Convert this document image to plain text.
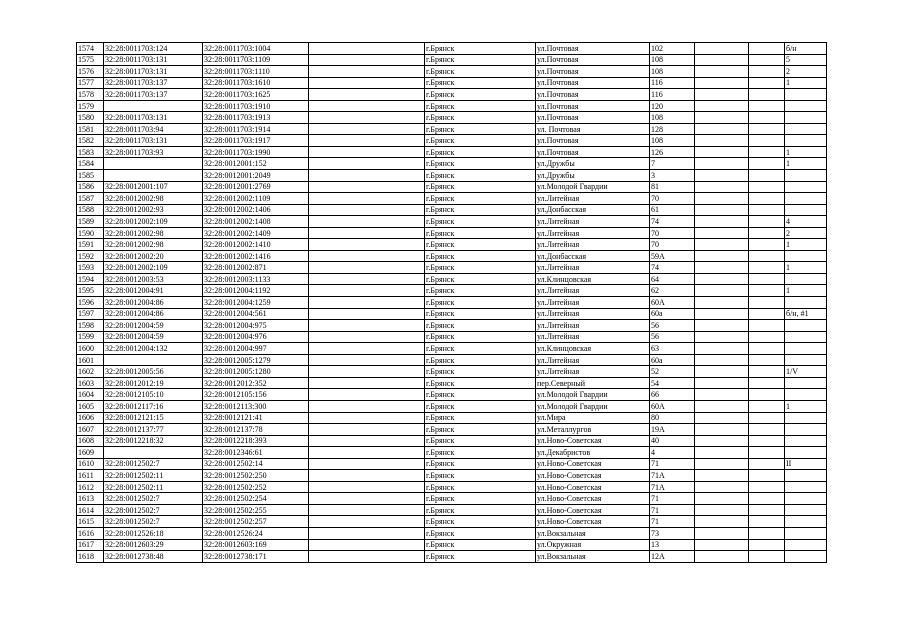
1574	32:28:0011703:124	32:28:0011703:1004		г.Брянск	ул.Почтовая	102			б/н
1575	32:28:0011703:131	32:28:0011703:1109		г.Брянск	ул.Почтовая	108			5
1576	32:28:0011703:131	32:28:0011703:1110		г.Брянск	ул.Почтовая	108			2
1577	32:28:0011703:137	32:28:0011703:1610		г.Брянск	ул.Почтовая	116			1
1578	32:28:0011703:137	32:28:0011703:1625		г.Брянск	ул.Почтовая	116			
1579		32:28:0011703:1910		г.Брянск	ул.Почтовая	120			
1580	32:28:0011703:131	32:28:0011703:1913		г.Брянск	ул.Почтовая	108			
1581	32:28:0011703:94	32:28:0011703:1914		г.Брянск	ул. Почтовая	128			
1582	32:28:0011703:131	32:28:0011703:1917		г.Брянск	ул.Почтовая	108			
1583	32:28:0011703:93	32:28:0011703:1990		г.Брянск	ул.Почтовая	126			1
1584		32:28:0012001:152		г.Брянск	ул.Дружбы	7			1
1585		32:28:0012001:2049		г.Брянск	ул.Дружбы	3			
1586	32:28:0012001:107	32:28:0012001:2769		г.Брянск	ул.Молодой Гвардии	81			
1587	32:28:0012002:98	32:28:0012002:1109		г.Брянск	ул.Литейная	70			
1588	32:28:0012002:93	32:28:0012002:1406		г.Брянск	ул.Донбасская	61			
1589	32:28:0012002:109	32:28:0012002:1408		г.Брянск	ул.Литейная	74			4
1590	32:28:0012002:98	32:28:0012002:1409		г.Брянск	ул.Литейная	70			2
1591	32:28:0012002:98	32:28:0012002:1410		г.Брянск	ул.Литейная	70			1
1592	32:28:0012002:20	32:28:0012002:1416		г.Брянск	ул.Донбасская	59А			
1593	32:28:0012002:109	32:28:0012002:871		г.Брянск	ул.Литейная	74			1
1594	32:28:0012003:53	32:28:0012003:1133		г.Брянск	ул.Клинцовская	64			
1595	32:28:0012004:91	32:28:0012004:1192		г.Брянск	ул.Литейная	62			1
1596	32:28:0012004:86	32:28:0012004:1259		г.Брянск	ул.Литейная	60А			
1597	32:28:0012004:86	32:28:0012004:561		г.Брянск	ул.Литейная	60а			б/н, #1
1598	32:28:0012004:59	32:28:0012004:975		г.Брянск	ул.Литейная	56			
1599	32:28:0012004:59	32:28:0012004:976		г.Брянск	ул.Литейная	56			
1600	32:28:0012004:132	32:28:0012004:997		г.Брянск	ул.Клинцовская	63			
1601		32:28:0012005:1279		г.Брянск	ул.Литейная	60а			
1602	32:28:0012005:56	32:28:0012005:1280		г.Брянск	ул.Литейная	52			1/V
1603	32:28:0012012:19	32:28:0012012:352		г.Брянск	пер.Северный	54			
1604	32:28:0012105:10	32:28:0012105:156		г.Брянск	ул.Молодой Гвардии	66			
1605	32:28:0012117:16	32:28:0012113:300		г.Брянск	ул.Молодой Гвардии	60А			1
1606	32:28:0012121:15	32:28:0012121:41		г.Брянск	ул.Мира	80			
1607	32:28:0012137:77	32:28:0012137:78		г.Брянск	ул.Металлургов	19А			
1608	32:28:0012218:32	32:28:0012218:393		г.Брянск	ул.Ново-Советская	40			
1609		32:28:0012346:61		г.Брянск	ул.Декабристов	4			
1610	32:28:0012502:7	32:28:0012502:14		г.Брянск	ул.Ново-Советская	71			II
1611	32:28:0012502:11	32:28:0012502:250		г.Брянск	ул.Ново-Советская	71А			
1612	32:28:0012502:11	32:28:0012502:252		г.Брянск	ул.Ново-Советская	71А			
1613	32:28:0012502:7	32:28:0012502:254		г.Брянск	ул.Ново-Советская	71			
1614	32:28:0012502:7	32:28:0012502:255		г.Брянск	ул.Ново-Советская	71			
1615	32:28:0012502:7	32:28:0012502:257		г.Брянск	ул.Ново-Советская	71			
1616	32:28:0012526:18	32:28:0012526:24		г.Брянск	ул.Вокзальная	73			
1617	32:28:0012603:29	32:28:0012603:169		г.Брянск	ул.Окружная	13			
1618	32:28:0012738:48	32:28:0012738:171		г.Брянск	ул.Вокзальная	12А			
